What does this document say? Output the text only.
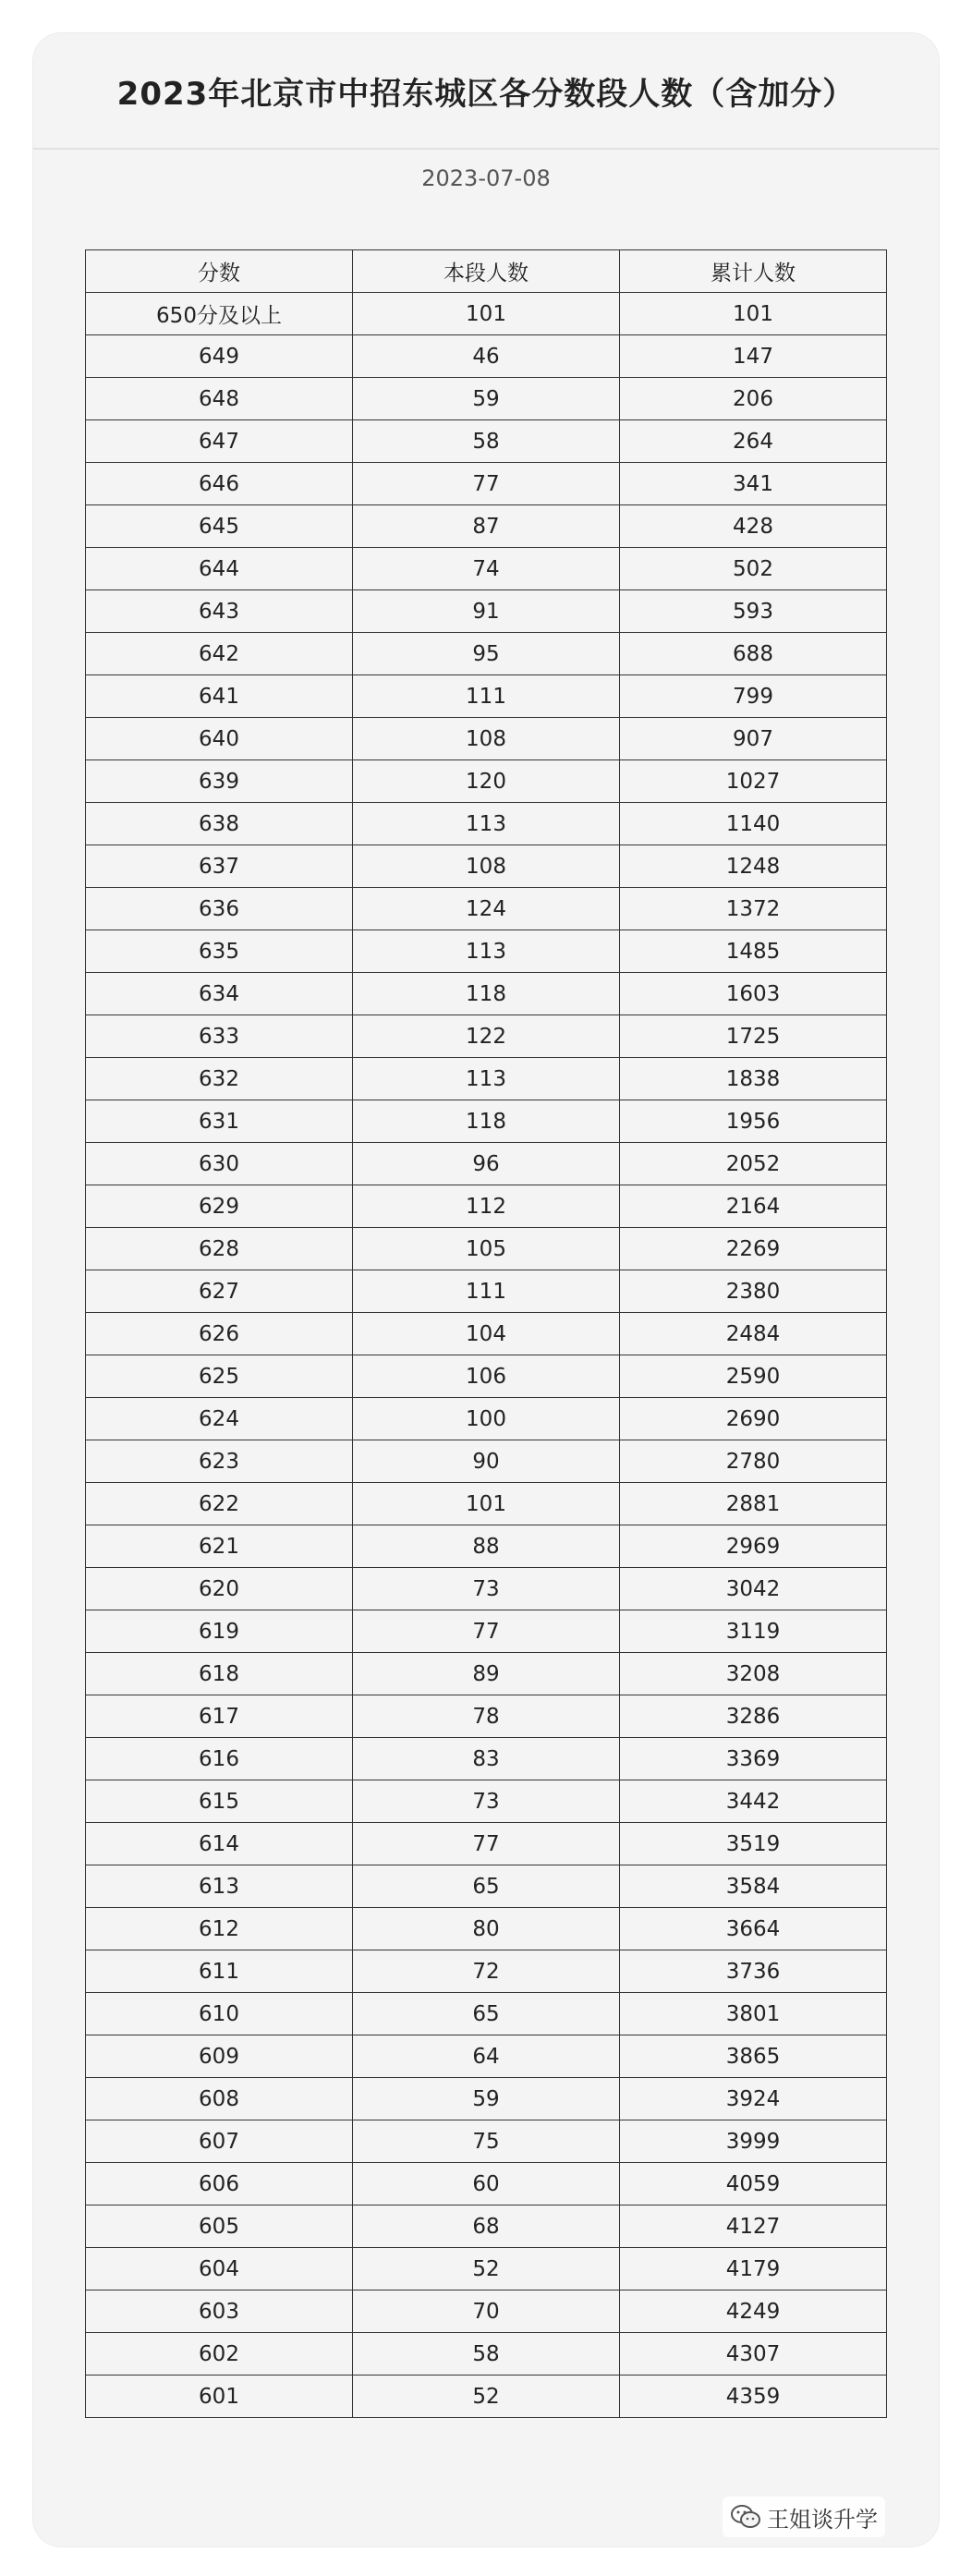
2023年北京市中招东城区各分数段人数（含加分）
2023-07-08
分数	本段人数	累计人数
650分及以上	101	101
649	46	147
648	59	206
647	58	264
646	77	341
645	87	428
644	74	502
643	91	593
642	95	688
641	111	799
640	108	907
639	120	1027
638	113	1140
637	108	1248
636	124	1372
635	113	1485
634	118	1603
633	122	1725
632	113	1838
631	118	1956
630	96	2052
629	112	2164
628	105	2269
627	111	2380
626	104	2484
625	106	2590
624	100	2690
623	90	2780
622	101	2881
621	88	2969
620	73	3042
619	77	3119
618	89	3208
617	78	3286
616	83	3369
615	73	3442
614	77	3519
613	65	3584
612	80	3664
611	72	3736
610	65	3801
609	64	3865
608	59	3924
607	75	3999
606	60	4059
605	68	4127
604	52	4179
603	70	4249
602	58	4307
601	52	4359
王姐谈升学
